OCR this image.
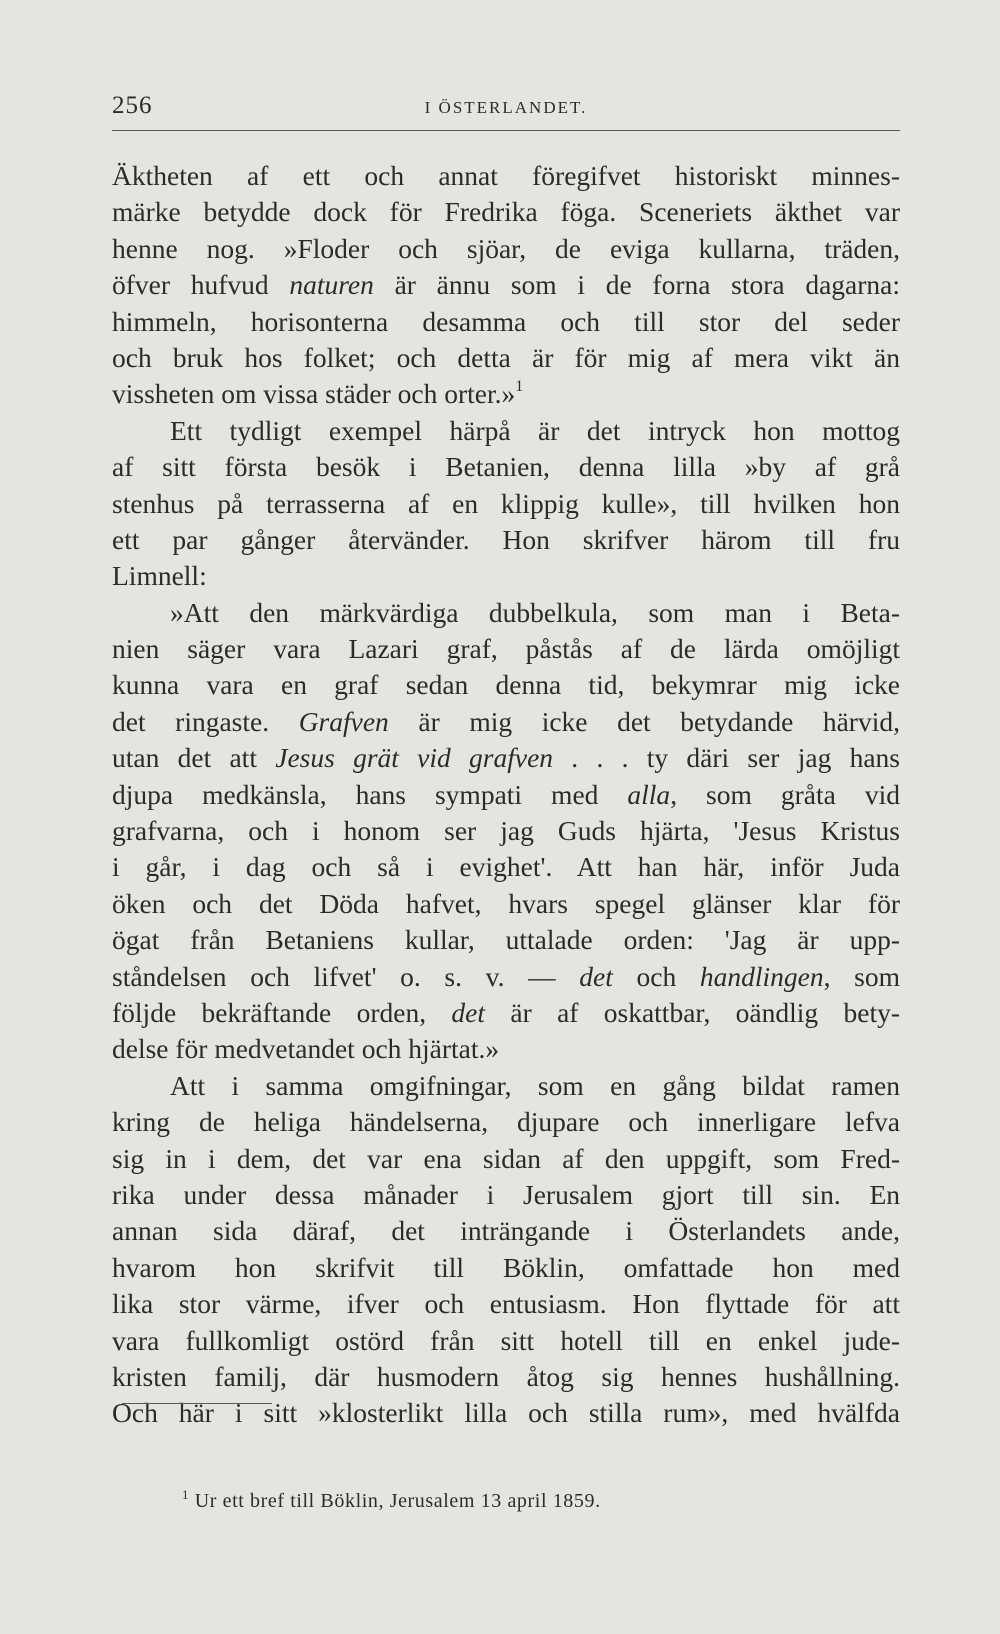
256	I ÖSTERLANDET.
Äktheten af ett och annat föregifvet historiskt minnes-
märke betydde dock för Fredrika föga. Sceneriets äkthet var
henne nog. »Floder och sjöar, de eviga kullarna, träden,
öfver hufvud naturen är ännu som i de forna stora dagarna:
himmeln, horisonterna desamma och till stor del seder
och bruk hos folket; och detta är för mig af mera vikt än
vissheten om vissa städer och orter.»$^1$
Ett tydligt exempel härpå är det intryck hon mottog
af sitt första besök i Betanien, denna lilla »by af grå
stenhus på terrasserna af en klippig kulle», till hvilken hon
ett par gånger återvänder. Hon skrifver härom till fru
Limnell:
»Att den märkvärdiga dubbelkula, som man i Beta-
nien säger vara Lazari graf, påstås af de lärda omöjligt
kunna vara en graf sedan denna tid, bekymrar mig icke
det ringaste. Grafven är mig icke det betydande härvid,
utan det att Jesus grät vid grafven . . . ty däri ser jag hans
djupa medkänsla, hans sympati med alla, som gråta vid
grafvarna, och i honom ser jag Guds hjärta, 'Jesus Kristus
i går, i dag och så i evighet'. Att han här, inför Juda
öken och det Döda hafvet, hvars spegel glänser klar för
ögat från Betaniens kullar, uttalade orden: 'Jag är upp-
ståndelsen och lifvet' o. s. v. — det och handlingen, som
följde bekräftande orden, det är af oskattbar, oändlig bety-
delse för medvetandet och hjärtat.»
Att i samma omgifningar, som en gång bildat ramen
kring de heliga händelserna, djupare och innerligare lefva
sig in i dem, det var ena sidan af den uppgift, som Fred-
rika under dessa månader i Jerusalem gjort till sin. En
annan sida däraf, det inträngande i Österlandets ande,
hvarom hon skrifvit till Böklin, omfattade hon med
lika stor värme, ifver och entusiasm. Hon flyttade för att
vara fullkomligt ostörd från sitt hotell till en enkel jude-
kristen familj, där husmodern åtog sig hennes hushållning.
Och här i sitt »klosterlikt lilla och stilla rum», med hvälfda
$^1$ Ur ett bref till Böklin, Jerusalem 13 april 1859.
